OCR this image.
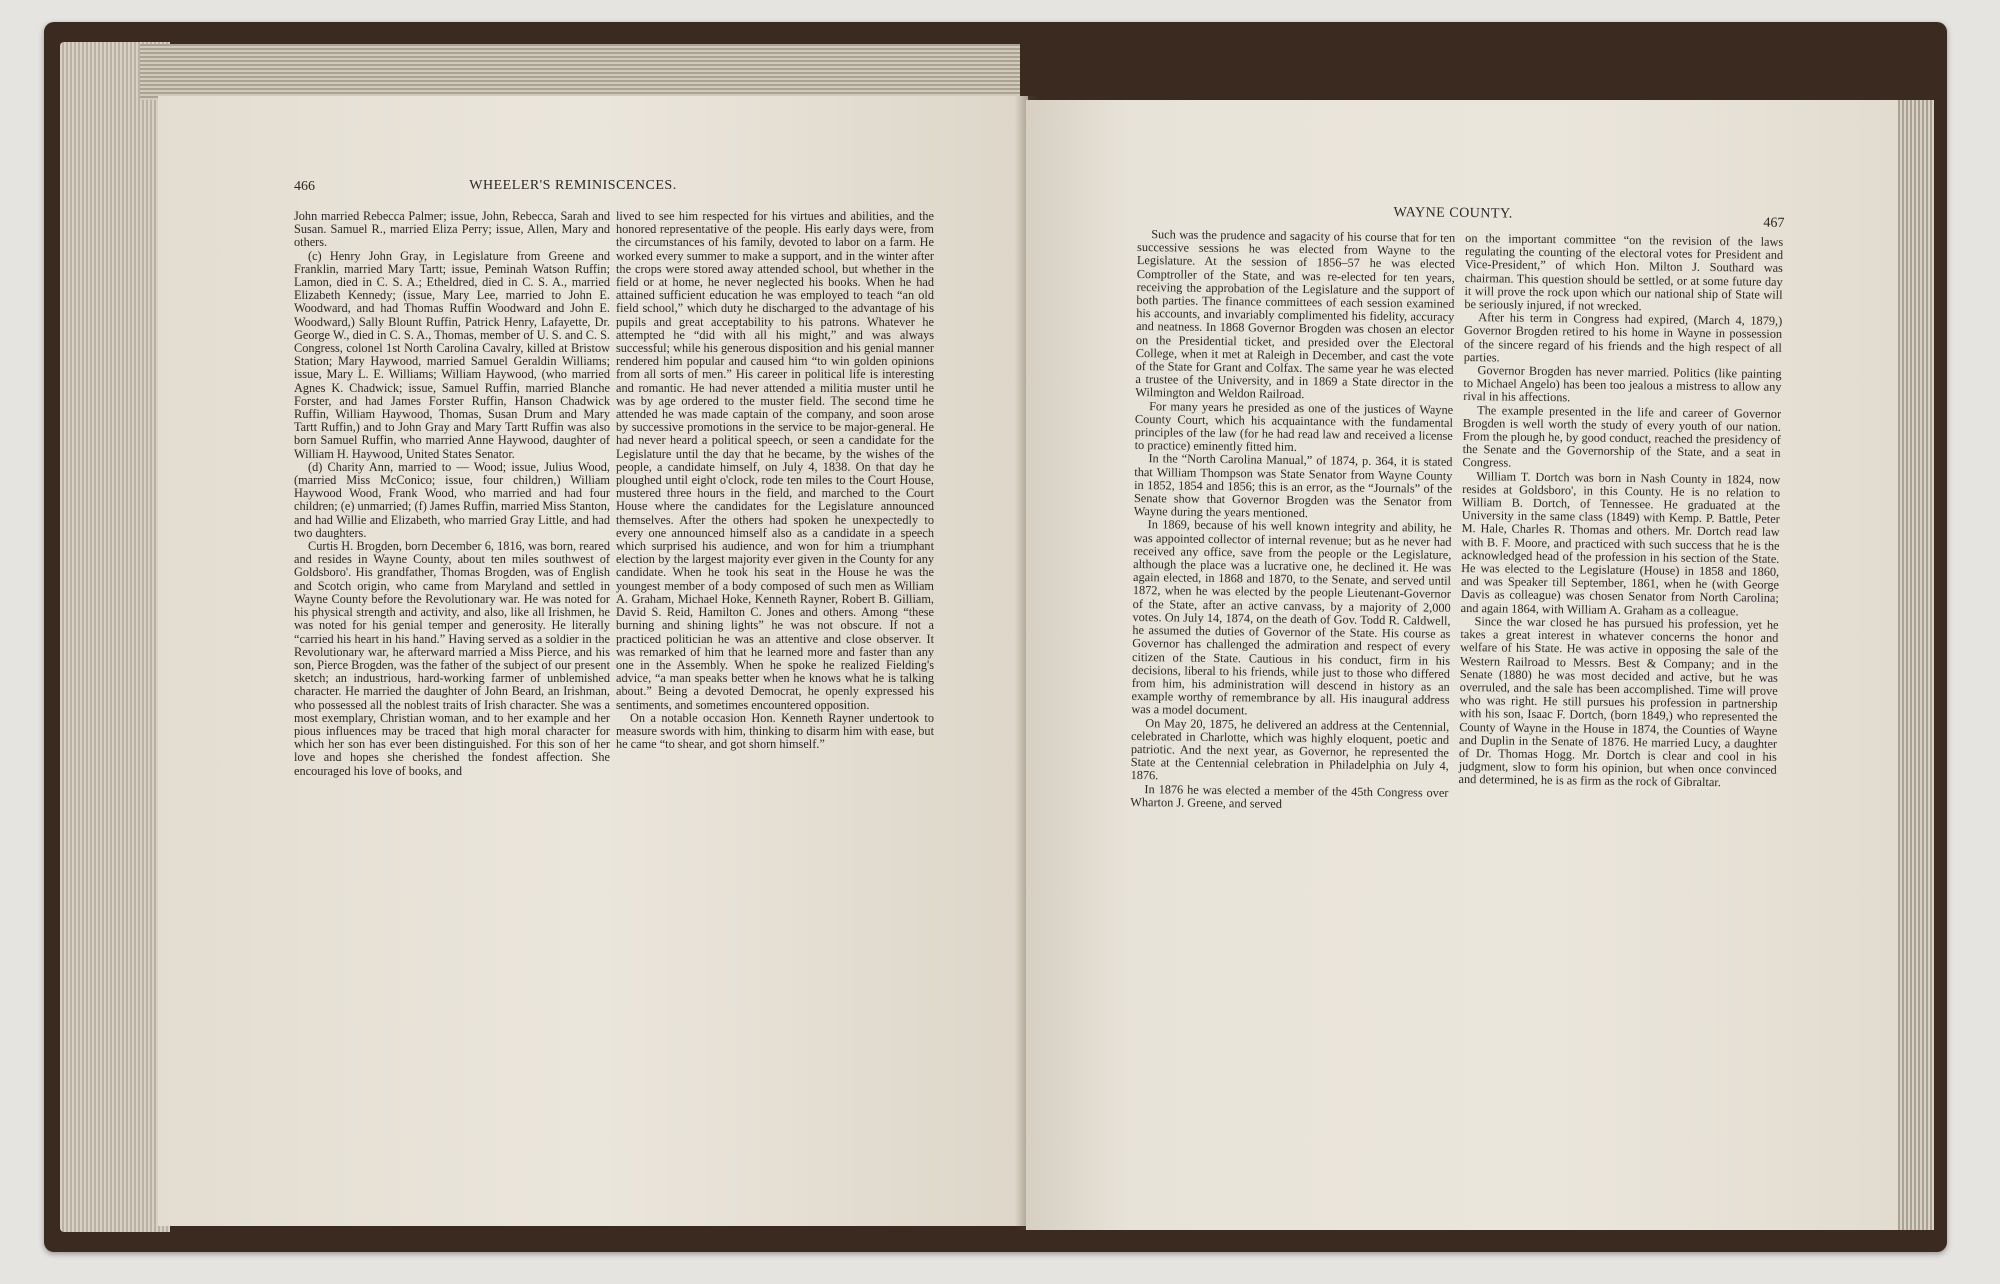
466	WHEELER'S REMINISCENCES.

John married Rebecca Palmer; issue, John, Rebecca, Sarah and Susan. Samuel R., married Eliza Perry; issue, Allen, Mary and others.

(c) Henry John Gray, in Legislature from Greene and Franklin, married Mary Tartt; issue, Peminah Watson Ruffin; Lamon, died in C. S. A.; Etheldred, died in C. S. A., married Elizabeth Kennedy; (issue, Mary Lee, married to John E. Woodward, and had Thomas Ruffin Woodward and John E. Woodward,) Sally Blount Ruffin, Patrick Henry, Lafayette, Dr. George W., died in C. S. A., Thomas, member of U. S. and C. S. Congress, colonel 1st North Carolina Cavalry, killed at Bristow Station; Mary Haywood, married Samuel Geraldin Williams; issue, Mary L. E. Williams; William Haywood, (who married Agnes K. Chadwick; issue, Samuel Ruffin, married Blanche Forster, and had James Forster Ruffin, Hanson Chadwick Ruffin, William Haywood, Thomas, Susan Drum and Mary Tartt Ruffin,) and to John Gray and Mary Tartt Ruffin was also born Samuel Ruffin, who married Anne Haywood, daughter of William H. Haywood, United States Senator.

(d) Charity Ann, married to — Wood; issue, Julius Wood, (married Miss McConico; issue, four children,) William Haywood Wood, Frank Wood, who married and had four children; (e) unmarried; (f) James Ruffin, married Miss Stanton, and had Willie and Elizabeth, who married Gray Little, and had two daughters.

Curtis H. Brogden, born December 6, 1816, was born, reared and resides in Wayne County, about ten miles southwest of Goldsboro'. His grandfather, Thomas Brogden, was of English and Scotch origin, who came from Maryland and settled in Wayne County before the Revolutionary war. He was noted for his physical strength and activity, and also, like all Irishmen, he was noted for his genial temper and generosity. He literally “carried his heart in his hand.” Having served as a soldier in the Revolutionary war, he afterward married a Miss Pierce, and his son, Pierce Brogden, was the father of the subject of our present sketch; an industrious, hard-working farmer of unblemished character. He married the daughter of John Beard, an Irishman, who possessed all the noblest traits of Irish character. She was a most exemplary, Christian woman, and to her example and her pious influences may be traced that high moral character for which her son has ever been distinguished. For this son of her love and hopes she cherished the fondest affection. She encouraged his love of books, and

lived to see him respected for his virtues and abilities, and the honored representative of the people. His early days were, from the circumstances of his family, devoted to labor on a farm. He worked every summer to make a support, and in the winter after the crops were stored away attended school, but whether in the field or at home, he never neglected his books. When he had attained sufficient education he was employed to teach “an old field school,” which duty he discharged to the advantage of his pupils and great acceptability to his patrons. Whatever he attempted he “did with all his might,” and was always successful; while his generous disposition and his genial manner rendered him popular and caused him “to win golden opinions from all sorts of men.” His career in political life is interesting and romantic. He had never attended a militia muster until he was by age ordered to the muster field. The second time he attended he was made captain of the company, and soon arose by successive promotions in the service to be major-general. He had never heard a political speech, or seen a candidate for the Legislature until the day that he became, by the wishes of the people, a candidate himself, on July 4, 1838. On that day he ploughed until eight o'clock, rode ten miles to the Court House, mustered three hours in the field, and marched to the Court House where the candidates for the Legislature announced themselves. After the others had spoken he unexpectedly to every one announced himself also as a candidate in a speech which surprised his audience, and won for him a triumphant election by the largest majority ever given in the County for any candidate. When he took his seat in the House he was the youngest member of a body composed of such men as William A. Graham, Michael Hoke, Kenneth Rayner, Robert B. Gilliam, David S. Reid, Hamilton C. Jones and others. Among “these burning and shining lights” he was not obscure. If not a practiced politician he was an attentive and close observer. It was remarked of him that he learned more and faster than any one in the Assembly. When he spoke he realized Fielding's advice, “a man speaks better when he knows what he is talking about.” Being a devoted Democrat, he openly expressed his sentiments, and sometimes encountered opposition.

On a notable occasion Hon. Kenneth Rayner undertook to measure swords with him, thinking to disarm him with ease, but he came “to shear, and got shorn himself.”

WAYNE COUNTY.
467

Such was the prudence and sagacity of his course that for ten successive sessions he was elected from Wayne to the Legislature. At the session of 1856–57 he was elected Comptroller of the State, and was re-elected for ten years, receiving the approbation of the Legislature and the support of both parties. The finance committees of each session examined his accounts, and invariably complimented his fidelity, accuracy and neatness. In 1868 Governor Brogden was chosen an elector on the Presidential ticket, and presided over the Electoral College, when it met at Raleigh in December, and cast the vote of the State for Grant and Colfax. The same year he was elected a trustee of the University, and in 1869 a State director in the Wilmington and Weldon Railroad.

For many years he presided as one of the justices of Wayne County Court, which his acquaintance with the fundamental principles of the law (for he had read law and received a license to practice) eminently fitted him.

In the “North Carolina Manual,” of 1874, p. 364, it is stated that William Thompson was State Senator from Wayne County in 1852, 1854 and 1856; this is an error, as the “Journals” of the Senate show that Governor Brogden was the Senator from Wayne during the years mentioned.

In 1869, because of his well known integrity and ability, he was appointed collector of internal revenue; but as he never had received any office, save from the people or the Legislature, although the place was a lucrative one, he declined it. He was again elected, in 1868 and 1870, to the Senate, and served until 1872, when he was elected by the people Lieutenant-Governor of the State, after an active canvass, by a majority of 2,000 votes. On July 14, 1874, on the death of Gov. Todd R. Caldwell, he assumed the duties of Governor of the State. His course as Governor has challenged the admiration and respect of every citizen of the State. Cautious in his conduct, firm in his decisions, liberal to his friends, while just to those who differed from him, his administration will descend in history as an example worthy of remembrance by all. His inaugural address was a model document.

On May 20, 1875, he delivered an address at the Centennial, celebrated in Charlotte, which was highly eloquent, poetic and patriotic. And the next year, as Governor, he represented the State at the Centennial celebration in Philadelphia on July 4, 1876.

In 1876 he was elected a member of the 45th Congress over Wharton J. Greene, and served

on the important committee “on the revision of the laws regulating the counting of the electoral votes for President and Vice-President,” of which Hon. Milton J. Southard was chairman. This question should be settled, or at some future day it will prove the rock upon which our national ship of State will be seriously injured, if not wrecked.

After his term in Congress had expired, (March 4, 1879,) Governor Brogden retired to his home in Wayne in possession of the sincere regard of his friends and the high respect of all parties.

Governor Brogden has never married. Politics (like painting to Michael Angelo) has been too jealous a mistress to allow any rival in his affections.

The example presented in the life and career of Governor Brogden is well worth the study of every youth of our nation. From the plough he, by good conduct, reached the presidency of the Senate and the Governorship of the State, and a seat in Congress.

William T. Dortch was born in Nash County in 1824, now resides at Goldsboro', in this County. He is no relation to William B. Dortch, of Tennessee. He graduated at the University in the same class (1849) with Kemp. P. Battle, Peter M. Hale, Charles R. Thomas and others. Mr. Dortch read law with B. F. Moore, and practiced with such success that he is the acknowledged head of the profession in his section of the State. He was elected to the Legislature (House) in 1858 and 1860, and was Speaker till September, 1861, when he (with George Davis as colleague) was chosen Senator from North Carolina; and again 1864, with William A. Graham as a colleague.

Since the war closed he has pursued his profession, yet he takes a great interest in whatever concerns the honor and welfare of his State. He was active in opposing the sale of the Western Railroad to Messrs. Best & Company; and in the Senate (1880) he was most decided and active, but he was overruled, and the sale has been accomplished. Time will prove who was right. He still pursues his profession in partnership with his son, Isaac F. Dortch, (born 1849,) who represented the County of Wayne in the House in 1874, the Counties of Wayne and Duplin in the Senate of 1876. He married Lucy, a daughter of Dr. Thomas Hogg. Mr. Dortch is clear and cool in his judgment, slow to form his opinion, but when once convinced and determined, he is as firm as the rock of Gibraltar.
